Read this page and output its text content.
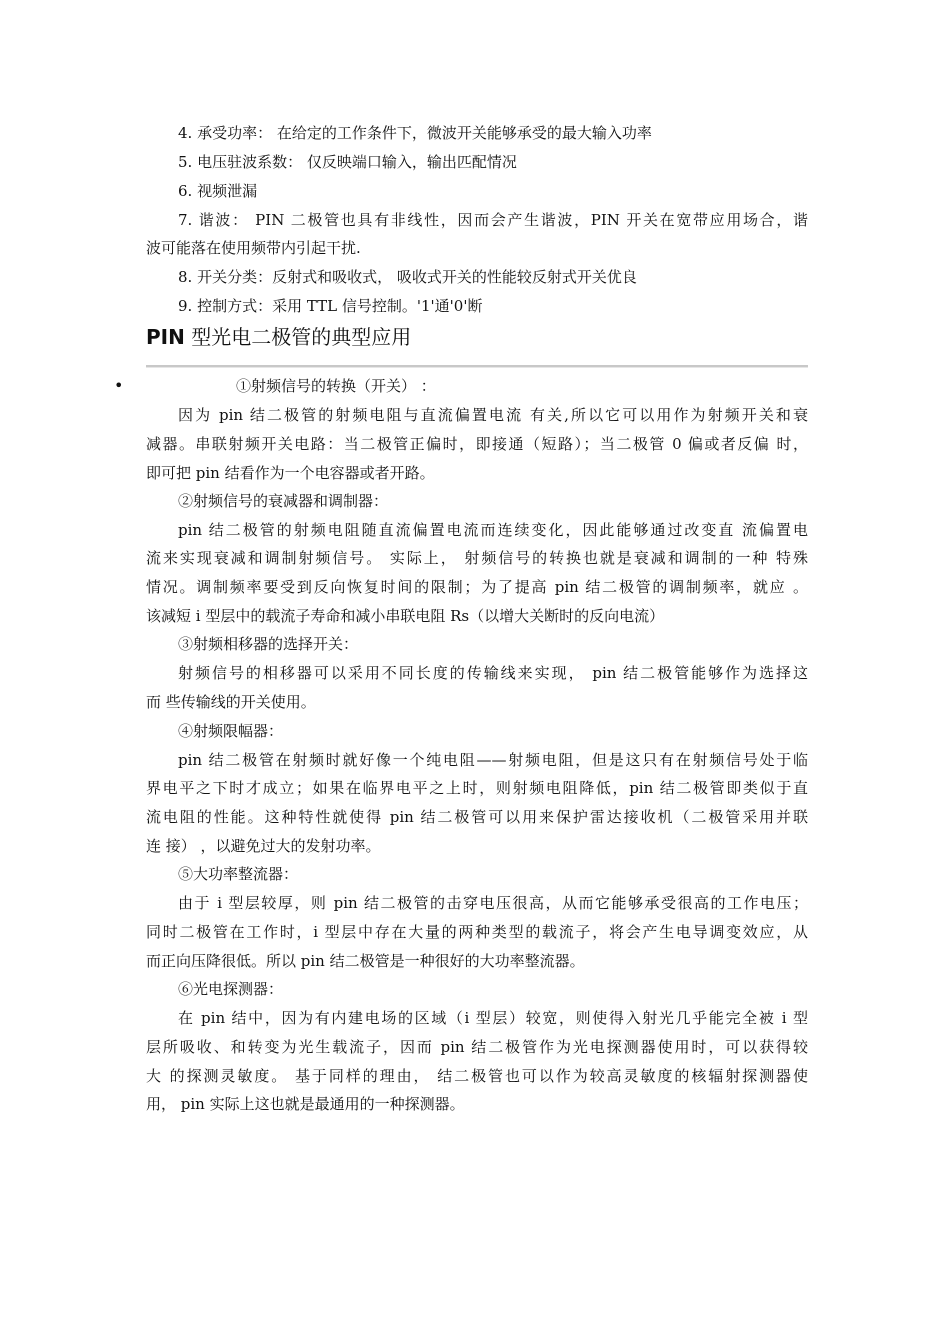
4. 承受功率： 在给定的工作条件下，微波开关能够承受的最大输入功率
5. 电压驻波系数： 仅反映端口输入，输出匹配情况
6. 视频泄漏
7. 谐波： PIN 二极管也具有非线性，因而会产生谐波，PIN 开关在宽带应用场合，谐
波可能落在使用频带内引起干扰.
8. 开关分类：反射式和吸收式， 吸收式开关的性能较反射式开关优良
9. 控制方式：采用 TTL 信号控制。'1'通'0'断
PIN 型光电二极管的典型应用
•	①射频信号的转换（开关） ：
因为 pin 结二极管的射频电阻与直流偏置电流 有关,所以它可以用作为射频开关和衰
减器。串联射频开关电路：当二极管正偏时，即接通（短路）；当二极管 0 偏或者反偏 时，
即可把 pin 结看作为一个电容器或者开路。
②射频信号的衰减器和调制器：
pin 结二极管的射频电阻随直流偏置电流而连续变化，因此能够通过改变直 流偏置电
流来实现衰减和调制射频信号。 实际上， 射频信号的转换也就是衰减和调制的一种 特殊
情况。调制频率要受到反向恢复时间的限制；为了提高 pin 结二极管的调制频率，就应 。
该减短 i 型层中的载流子寿命和减小串联电阻 Rs（以增大关断时的反向电流）
③射频相移器的选择开关：
射频信号的相移器可以采用不同长度的传输线来实现， pin 结二极管能够作为选择这
而 些传输线的开关使用。
④射频限幅器：
pin 结二极管在射频时就好像一个纯电阻——射频电阻，但是这只有在射频信号处于临
界电平之下时才成立；如果在临界电平之上时，则射频电阻降低，pin 结二极管即类似于直
流电阻的性能。这种特性就使得 pin 结二极管可以用来保护雷达接收机（二极管采用并联
连 接） ，以避免过大的发射功率。
⑤大功率整流器：
由于 i 型层较厚，则 pin 结二极管的击穿电压很高，从而它能够承受很高的工作电压；
同时二极管在工作时，i 型层中存在大量的两种类型的载流子，将会产生电导调变效应，从
而正向压降很低。所以 pin 结二极管是一种很好的大功率整流器。
⑥光电探测器：
在 pin 结中，因为有内建电场的区域（i 型层）较宽，则使得入射光几乎能完全被 i 型
层所吸收、和转变为光生载流子，因而 pin 结二极管作为光电探测器使用时，可以获得较
大 的探测灵敏度。 基于同样的理由， 结二极管也可以作为较高灵敏度的核辐射探测器使
用， pin 实际上这也就是最通用的一种探测器。
